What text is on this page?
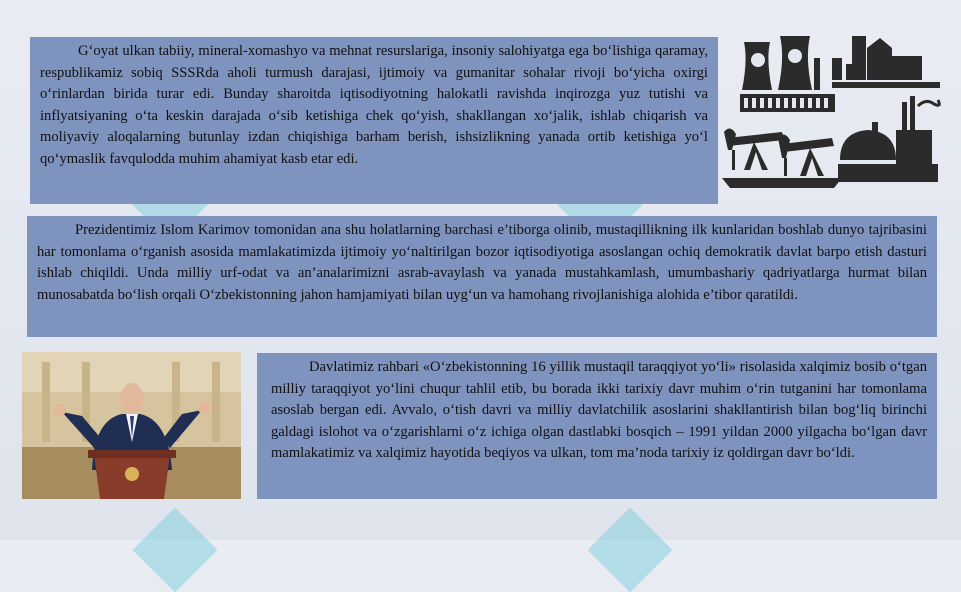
G‘oyat ulkan tabiiy, mineral-xomashyo va mehnat resurslariga, insoniy salohiyatga ega bo‘lishiga qaramay, respublikamiz sobiq SSSRda aholi turmush darajasi, ijtimoiy va gumanitar sohalar rivoji bo‘yicha oxirgi o‘rinlardan birida turar edi. Bunday sharoitda iqtisodiyotning halokatli ravishda inqirozga yuz tutishi va inflyatsiyaning o‘ta keskin darajada o‘sib ketishiga chek qo‘yish, shakllangan xo‘jalik, ishlab chiqarish va moliyaviy aloqalarning butunlay izdan chiqishiga barham berish, ishsizlikning yanada ortib ketishiga yo‘l qo‘ymaslik favqulodda muhim ahamiyat kasb etar edi.

Prezidentimiz Islom Karimov tomonidan ana shu holatlarning barchasi e’tiborga olinib, mustaqillikning ilk kunlaridan boshlab dunyo tajribasini har tomonlama o‘rganish asosida mamlakatimizda ijtimoiy yo‘naltirilgan bozor iqtisodiyotiga asoslangan ochiq demokratik davlat barpo etish dasturi ishlab chiqildi. Unda milliy urf-odat va an’analarimizni asrab-avaylash va yanada mustahkamlash, umumbashariy qadriyatlarga hurmat bilan munosabatda bo‘lish orqali O‘zbekistonning jahon hamjamiyati bilan uyg‘un va hamohang rivojlanishiga alohida e’tibor qaratildi.

Davlatimiz rahbari «O‘zbekistonning 16 yillik mustaqil taraqqiyot yo‘li» risolasida xalqimiz bosib o‘tgan milliy taraqqiyot yo‘lini chuqur tahlil etib, bu borada ikki tarixiy davr muhim o‘rin tutganini har tomonlama asoslab bergan edi. Avvalo, o‘tish davri va milliy davlatchilik asoslarini shakllantirish bilan bog‘liq birinchi galdagi islohot va o‘zgarishlarni o‘z ichiga olgan dastlabki bosqich – 1991 yildan 2000 yilgacha bo‘lgan davr mamlakatimiz va xalqimiz hayotida beqiyos va ulkan, tom ma’noda tarixiy iz qoldirgan davr bo‘ldi.
